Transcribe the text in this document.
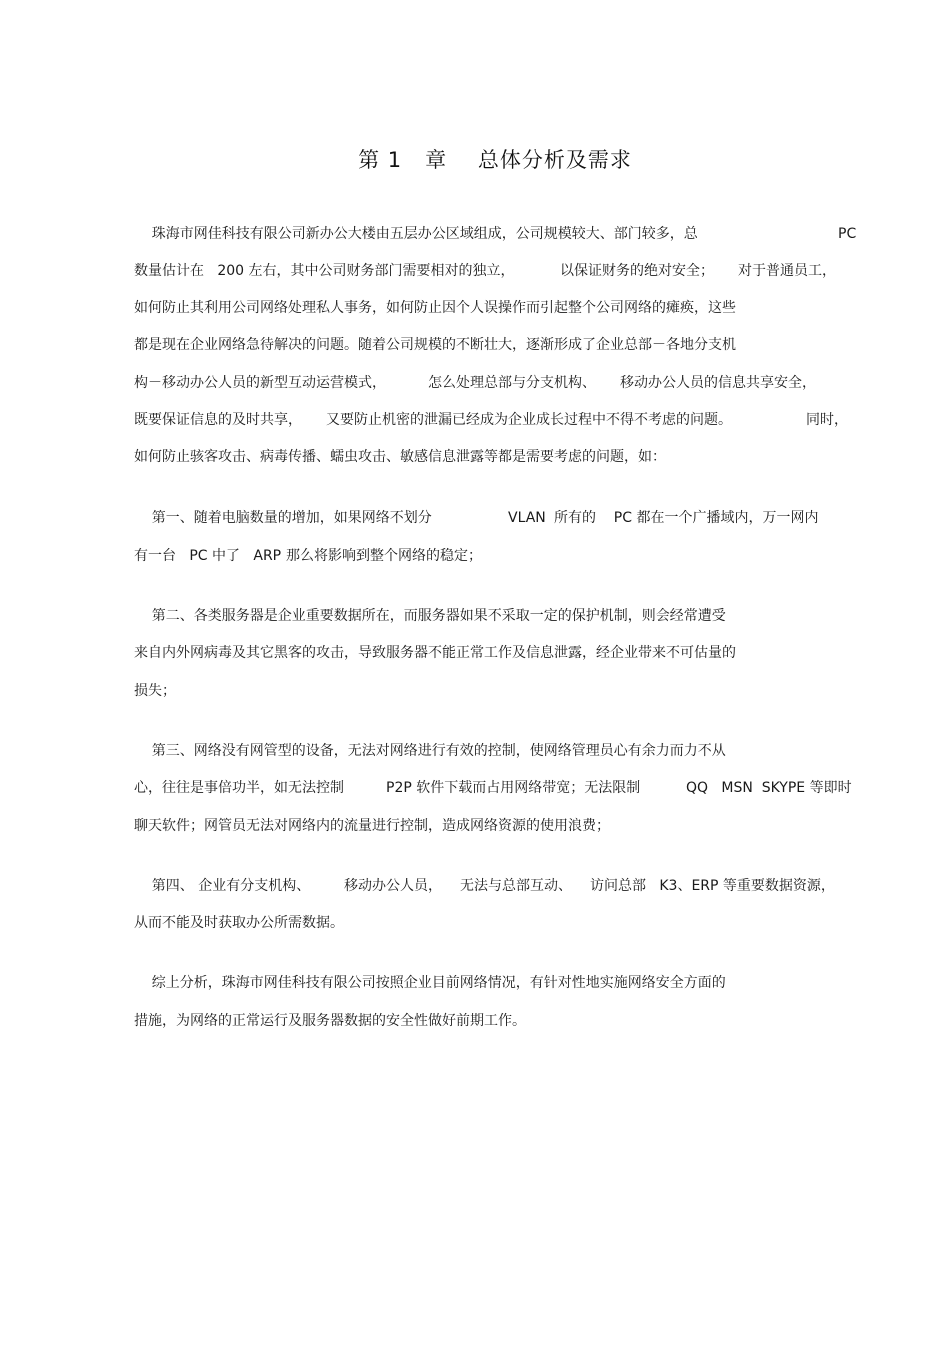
第 1   章    总体分析及需求

珠海市网佳科技有限公司新办公大楼由五层办公区域组成，公司规模较大、部门较多，总

	PC

数量估计在   200 左右，其中公司财务部门需要相对的独立，

	以保证财务的绝对安全；

对于普通员工，

如何防止其利用公司网络处理私人事务，如何防止因个人误操作而引起整个公司网络的瘫痪，这些

都是现在企业网络急待解决的问题。随着公司规模的不断壮大，逐渐形成了企业总部－各地分支机

构－移动办公人员的新型互动运营模式，

	怎么处理总部与分支机构、

移动办公人员的信息共享安全，

既要保证信息的及时共享，

又要防止机密的泄漏已经成为企业成长过程中不得不考虑的问题。

	同时，

如何防止骇客攻击、病毒传播、蠕虫攻击、敏感信息泄露等都是需要考虑的问题，如：

第一、随着电脑数量的增加，如果网络不划分

	VLAN

所有的    PC 都在一个广播域内，万一网内

有一台   PC 中了   ARP

那么将影响到整个网络的稳定；

第二、各类服务器是企业重要数据所在，而服务器如果不采取一定的保护机制，则会经常遭受

来自内外网病毒及其它黑客的攻击，导致服务器不能正常工作及信息泄露，经企业带来不可估量的

损失；

第三、网络没有网管型的设备，无法对网络进行有效的控制，使网络管理员心有余力而力不从

心，往往是事倍功半，如无法控制

	P2P 软件下载而占用网络带宽；无法限制

	QQ   MSN  SKYPE 等即时

聊天软件；网管员无法对网络内的流量进行控制，造成网络资源的使用浪费；

第四、 企业有分支机构、

移动办公人员，

无法与总部互动、

访问总部   K3、ERP 等重要数据资源，

从而不能及时获取办公所需数据。

综上分析，珠海市网佳科技有限公司按照企业目前网络情况，有针对性地实施网络安全方面的

措施，为网络的正常运行及服务器数据的安全性做好前期工作。
